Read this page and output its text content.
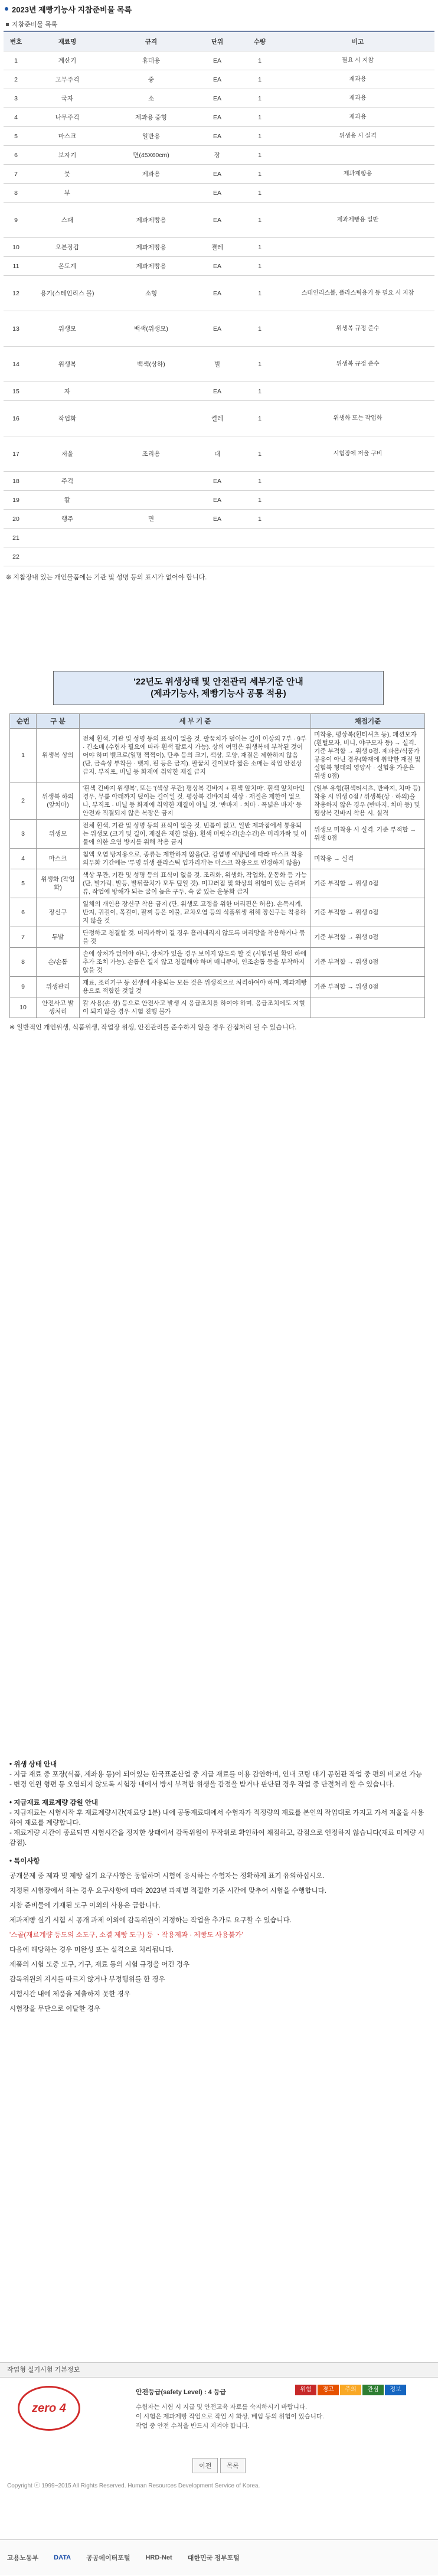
2023년 제빵기능사 지참준비물 목록
지참준비물 목록
번호	재료명	규격	단위	수량	비고
1	계산기	휴대용	EA	1	필요 시 지참
2	고무주걱	중	EA	1	제과용
3	국자	소	EA	1	제과용
4	나무주걱	제과용 중형	EA	1	제과용
5	마스크	일반용	EA	1	위생용 시 실격
6	보자기	면(45X60cm)	장	1	
7	붓	제과용	EA	1	제과제빵용
8	부		EA	1	
9	스패	제과제빵용	EA	1	제과제빵용 일반
10	오븐장갑	제과제빵용	켤레	1	
11	온도계	제과제빵용	EA	1	
12	용기(스테인리스 볼)	소형	EA	1	스테인리스볼, 플라스틱용기 등 필요 시 지참
13	위생모	백색(위생모)	EA	1	위생복 규정 준수
14	위생복	백색(상하)	벌	1	위생복 규정 준수
15	자		EA	1	
16	작업화		켤레	1	위생화 또는 작업화
17	저울	조리용	대	1	시험장에 저울 구비
18	주걱		EA	1	
19	칼		EA	1	
20	행주	면	EA	1	
21					
22					
※ 지참장내 있는 개인물품에는 기관 및 성명 등의 표시가 없어야 합니다.
'22년도 위생상태 및 안전관리 세부기준 안내
(제과기능사, 제빵기능사 공통 적용)
순번	구 분	세 부 기 준	채점기준
1	위생복 상의	전체 흰색, 기관 및 성명 등의 표식이 없을 것. 팔꿈치가 덮이는 길이 이상의 7부 · 9부 · 긴소매 (수험자 필요에 따라 흰색 팔토시 가능). 상의 여밈은 위생복에 부착된 것이어야 하며 벨크로(일명 찍찍이), 단추 등의 크기, 색상, 모양, 재질은 제한하지 않음(단, 금속성 부착물 · 뱃지, 핀 등은 금지). 팔꿈치 길이보다 짧은 소매는 작업 안전상 금지. 부직포, 비닐 등 화재에 취약한 재질 금지	미착용, 평상복(흰티셔츠 등), 패션모자(흰털모자, 비니, 야구모자 등) → 실격. 기준 부적합 → 위생 0점. 제과용/식품가공용이 아닌 경우(화재에 취약한 재질 및 실험복 형태의 영양사 · 실험용 가운은 위생 0점)
2	위생복 하의 (앞치마)	'흰색 긴바지 위생복', 또는 '(색상 무관) 평상복 긴바지 + 흰색 앞치마'. 흰색 앞치마인 경우, 무릎 아래까지 덮이는 길이일 것. 평상복 긴바지의 색상 · 재질은 제한이 없으나, 부직포 · 비닐 등 화재에 취약한 재질이 아닐 것. '반바지 · 치마 · 폭넓은 바지' 등 안전과 직결되지 않은 복장은 금지	(일부 유형(흰색티셔츠, 반바지, 치마 등) 착용 시 위생 0점 / 위생복(상 · 하의)을 착용하지 않은 경우 (반바지, 치마 등) 및 평상복 긴바지 착용 시, 실격
3	위생모	전체 흰색, 기관 및 성명 등의 표식이 없을 것. 빈틈이 없고, 일반 제과점에서 통용되는 위생모 (크기 및 길이, 재질은 제한 없음). 흰색 머릿수건(손수건)은 머리카락 및 이물에 의한 오염 방지를 위해 착용 금지	위생모 미착용 시 실격. 기준 부적합 → 위생 0점
4	마스크	침액 오염 방지용으로, 종류는 제한하지 않음(단, 감염병 예방법에 따라 마스크 착용 의무화 기간에는 '투명 위생 플라스틱 입가리개'는 마스크 착용으로 인정하지 않음)	미착용 → 실격
5	위생화 (작업화)	색상 무관, 기관 및 성명 등의 표식이 없을 것. 조리화, 위생화, 작업화, 운동화 등 가능(단, 발가락, 발등, 발뒤꿈치가 모두 덮일 것). 미끄러짐 및 화상의 위험이 있는 슬리퍼류, 작업에 방해가 되는 굽이 높은 구두, 속 굽 있는 운동화 금지	기준 부적합 → 위생 0점
6	장신구	일체의 개인용 장신구 착용 금지 (단, 위생모 고정을 위한 머리핀은 허용). 손목시계, 반지, 귀걸이, 목걸이, 팔찌 등은 이물, 교차오염 등의 식품위생 위해 장신구는 착용하지 않을 것	기준 부적합 → 위생 0점
7	두발	단정하고 청결할 것. 머리카락이 길 경우 흘러내리지 않도록 머리망을 착용하거나 묶을 것	기준 부적합 → 위생 0점
8	손/손톱	손에 상처가 없어야 하나, 상처가 있을 경우 보이지 않도록 할 것 (시험위원 확인 하에 추가 조치 가능). 손톱은 길지 않고 청결해야 하며 매니큐어, 인조손톱 등을 부착하지 않을 것	기준 부적합 → 위생 0점
9	위생관리	재료, 조리기구 등 선생에 사용되는 모든 것은 위생적으로 처리하여야 하며, 제과제빵용으로 적합한 것일 것	기준 부적합 → 위생 0점
10	안전사고 발생처리	칼 사용(손 상) 등으로 안전사고 발생 시 응급조치를 하여야 하며, 응급조치에도 지혈이 되지 않을 경우 시험 진행 불가	
※ 일반적인 개인위생, 식품위생, 작업장 위생, 안전관리를 준수하지 않을 경우 감점처리 될 수 있습니다.
• 위생 상태 안내
- 지급 재료 중 포장(식품, 계좌용 등)이 되어있는 한국표준산업 중 지급 재료를 이용 감안하며, 인내 코팅 대기 공헌관 작업 중 편의 비교선 가능
- 변경 인원 형편 등 오염되지 않도록 시험장 내에서 방시 부적합 위생을 감점을 받거나 판단된 경우 작업 중 단절처리 할 수 있습니다.
• 지급재료 재료계량 감원 안내
- 지급재료는 시험시작 후 재료계량시간(재료당 1분) 내에 공동재료대에서 수험자가 적정량의 재료를 본인의 작업대로 가지고 가서 저울을 사용하여 재료를 계량합니다.
- 재료계량 시간이 종료되면 시험시간을 정지한 상태에서 감독위원이 무작위로 확인하여 채점하고, 감점으로 인정하지 않습니다(재료 미계량 시 감점).
• 특이사항
공개문제 중 제과 및 제빵 실기 요구사항은 동일하며 시험에 응시하는 수험자는 정확하게 표기 유의하십시오.
지정된 시험장에서 하는 경우 요구사항에 따라 2023년 과제별 적절한 기준 시간에 맞추어 시험을 수행합니다.
지참 준비물에 기재된 도구 이외의 사용은 금합니다.
제과제빵 실기 시험 시 공개 과제 이외에 감독위원이 지정하는 작업을 추가로 요구할 수 있습니다.
'스골(재료계량 등도의 소도구, 소결 제빵 도구) 등 ㆍ작용제과 · 제빵도 사용불가'
다음에 해당하는 경우 미완성 또는 실격으로 처리됩니다.
제품의 시험 도중 도구, 기구, 재료 등의 시험 규정을 어긴 경우
감독위원의 지시를 따르지 않거나 부정행위를 한 경우
시험시간 내에 제품을 제출하지 못한 경우
시험장을 무단으로 이탈한 경우
작업형 실기시험 기본정보
zero 4
안전등급(safety Level) : 4 등급	위험	경고	주의	관심	정보
수험자는 시험 시 지급 및 안전교육 자료를 숙지하시기 바랍니다.
이 시험은 제과제빵 작업으로 작업 시 화상, 베임 등의 위험이 있습니다.
작업 중 안전 수칙을 반드시 지켜야 합니다.
이전 목록
Copyright ⓒ 1999~2015 All Rights Reserved. Human Resources Development Service of Korea.
고용노동부 DATA 공공데이터포털 HRD-Net 대한민국 정부포털
